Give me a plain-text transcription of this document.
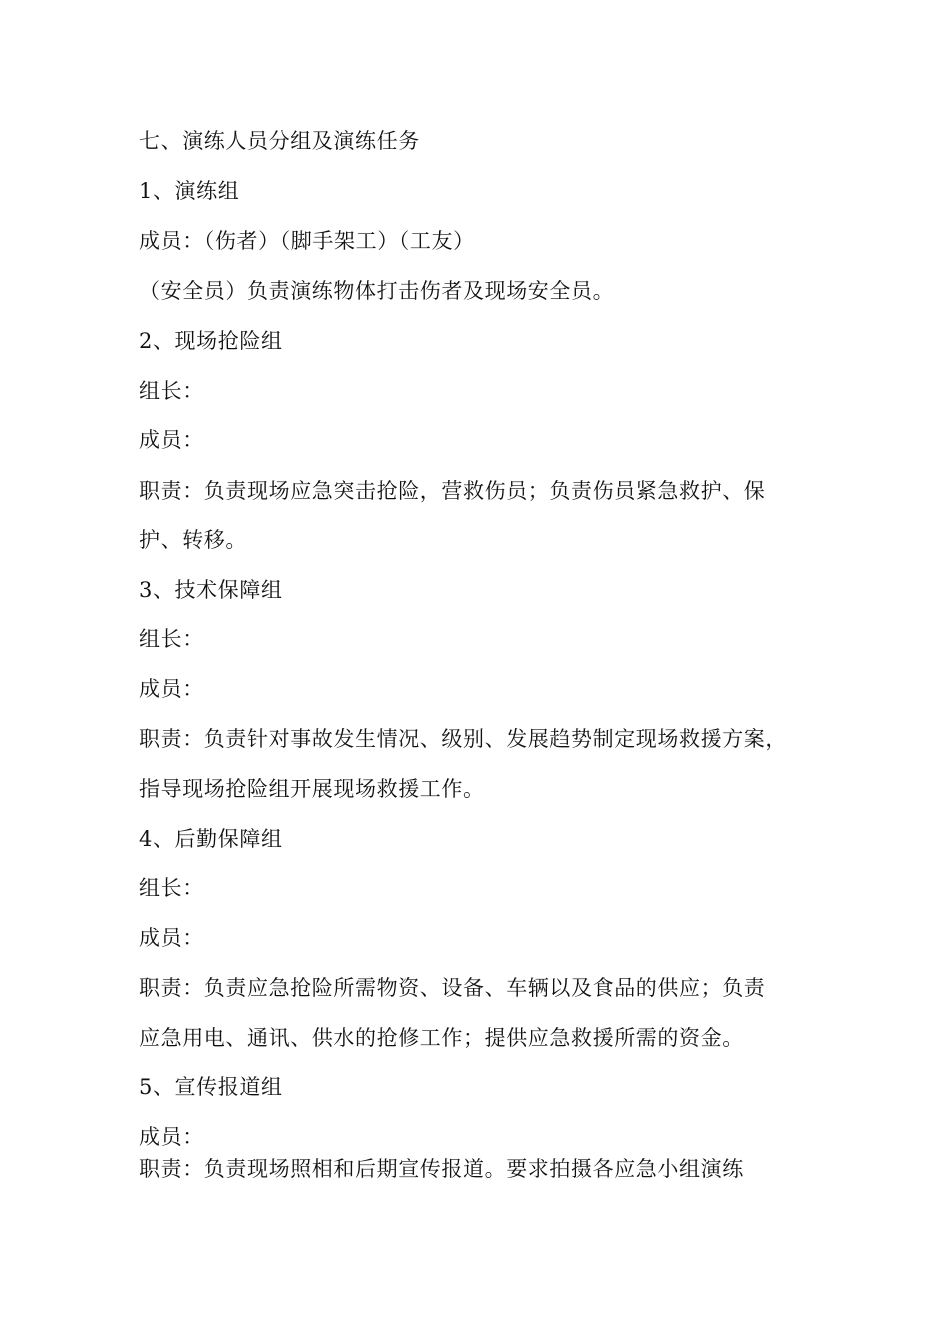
七、演练人员分组及演练任务
1、演练组
成员：（伤者）（脚手架工）（工友）
（安全员）负责演练物体打击伤者及现场安全员。
2、现场抢险组
组长：
成员：
职责：负责现场应急突击抢险，营救伤员；负责伤员紧急救护、保
护、转移。
3、技术保障组
组长：
成员：
职责：负责针对事故发生情况、级别、发展趋势制定现场救援方案，
指导现场抢险组开展现场救援工作。
4、后勤保障组
组长：
成员：
职责：负责应急抢险所需物资、设备、车辆以及食品的供应；负责
应急用电、通讯、供水的抢修工作；提供应急救援所需的资金。
5、宣传报道组
成员：
职责：负责现场照相和后期宣传报道。要求拍摄各应急小组演练
